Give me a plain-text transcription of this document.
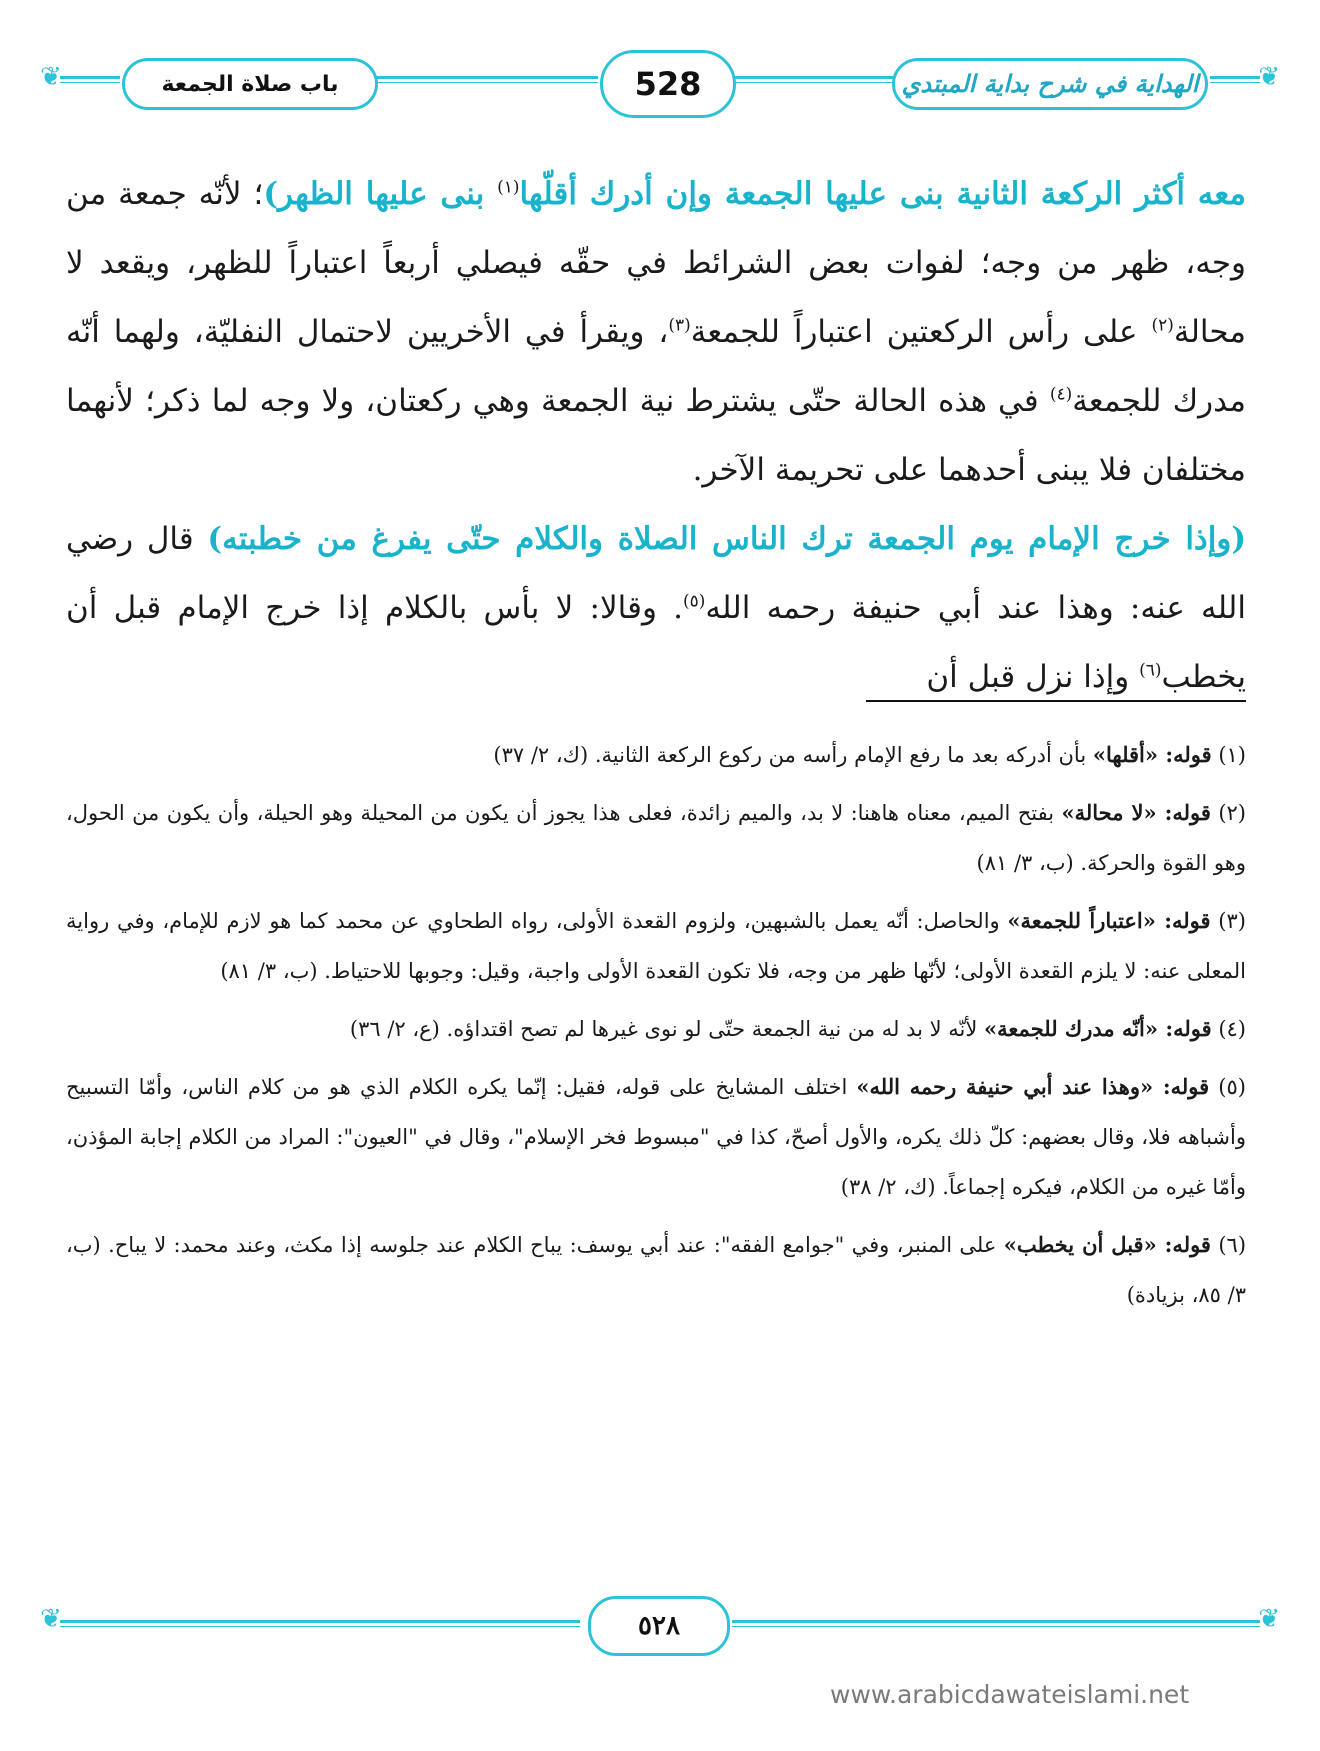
❦	❦
باب صلاة الجمعة	528	الهداية في شرح بداية المبتدي

معه أكثر الركعة الثانية بنى عليها الجمعة وإن أدرك أقلّها$^{(١)}$ بنى عليها الظهر)؛ لأنّه جمعة من وجه، ظهر من وجه؛ لفوات بعض الشرائط في حقّه فيصلي أربعاً اعتباراً للظهر، ويقعد لا محالة$^{(٢)}$ على رأس الركعتين اعتباراً للجمعة$^{(٣)}$، ويقرأ في الأخريين لاحتمال النفليّة، ولهما أنّه مدرك للجمعة$^{(٤)}$ في هذه الحالة حتّى يشترط نية الجمعة وهي ركعتان، ولا وجه لما ذكر؛ لأنهما مختلفان فلا يبنى أحدهما على تحريمة الآخر.

(وإذا خرج الإمام يوم الجمعة ترك الناس الصلاة والكلام حتّى يفرغ من خطبته) قال رضي الله عنه: وهذا عند أبي حنيفة رحمه الله$^{(٥)}$. وقالا: لا بأس بالكلام إذا خرج الإمام قبل أن يخطب$^{(٦)}$ وإذا نزل قبل أن

(١) قوله: «أقلها» بأن أدركه بعد ما رفع الإمام رأسه من ركوع الركعة الثانية. (ك، ٢/ ٣٧)

(٢) قوله: «لا محالة» بفتح الميم، معناه هاهنا: لا بد، والميم زائدة، فعلى هذا يجوز أن يكون من المحيلة وهو الحيلة، وأن يكون من الحول، وهو القوة والحركة. (ب، ٣/ ٨١)

(٣) قوله: «اعتباراً للجمعة» والحاصل: أنّه يعمل بالشبهين، ولزوم القعدة الأولى، رواه الطحاوي عن محمد كما هو لازم للإمام، وفي رواية المعلى عنه: لا يلزم القعدة الأولى؛ لأنّها ظهر من وجه، فلا تكون القعدة الأولى واجبة، وقيل: وجوبها للاحتياط. (ب، ٣/ ٨١)

(٤) قوله: «أنّه مدرك للجمعة» لأنّه لا بد له من نية الجمعة حتّى لو نوى غيرها لم تصح اقتداؤه. (ع، ٢/ ٣٦)

(٥) قوله: «وهذا عند أبي حنيفة رحمه الله» اختلف المشايخ على قوله، فقيل: إنّما يكره الكلام الذي هو من كلام الناس، وأمّا التسبيح وأشباهه فلا، وقال بعضهم: كلّ ذلك يكره، والأول أصحّ، كذا في "مبسوط فخر الإسلام"، وقال في "العيون": المراد من الكلام إجابة المؤذن، وأمّا غيره من الكلام، فيكره إجماعاً. (ك، ٢/ ٣٨)

(٦) قوله: «قبل أن يخطب» على المنبر، وفي "جوامع الفقه": عند أبي يوسف: يباح الكلام عند جلوسه إذا مكث، وعند محمد: لا يباح. (ب، ٣/ ٨٥، بزيادة)

❦	❦
٥٢٨
www.arabicdawateislami.net
